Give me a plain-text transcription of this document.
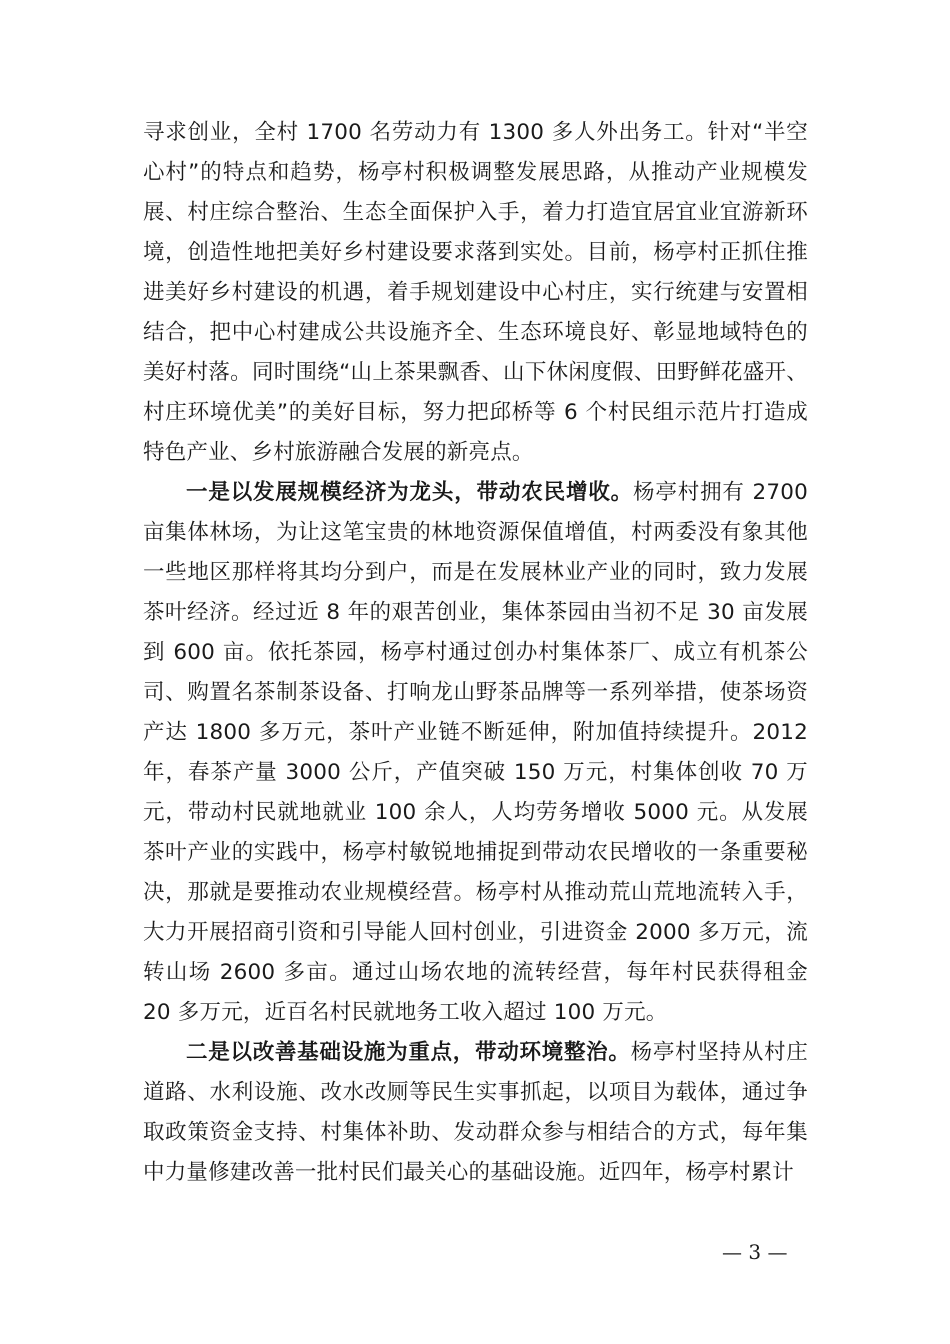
寻求创业，全村 1700 名劳动力有 1300 多人外出务工。针对“半空心村”的特点和趋势，杨亭村积极调整发展思路，从推动产业规模发展、村庄综合整治、生态全面保护入手，着力打造宜居宜业宜游新环境，创造性地把美好乡村建设要求落到实处。目前，杨亭村正抓住推进美好乡村建设的机遇，着手规划建设中心村庄，实行统建与安置相结合，把中心村建成公共设施齐全、生态环境良好、彰显地域特色的美好村落。同时围绕“山上茶果飘香、山下休闲度假、田野鲜花盛开、村庄环境优美”的美好目标，努力把邱桥等 6 个村民组示范片打造成特色产业、乡村旅游融合发展的新亮点。

一是以发展规模经济为龙头，带动农民增收。杨亭村拥有 2700 亩集体林场，为让这笔宝贵的林地资源保值增值，村两委没有象其他一些地区那样将其均分到户，而是在发展林业产业的同时，致力发展茶叶经济。经过近 8 年的艰苦创业，集体茶园由当初不足 30 亩发展到 600 亩。依托茶园，杨亭村通过创办村集体茶厂、成立有机茶公司、购置名茶制茶设备、打响龙山野茶品牌等一系列举措，使茶场资产达 1800 多万元，茶叶产业链不断延伸，附加值持续提升。2012 年，春茶产量 3000 公斤，产值突破 150 万元，村集体创收 70 万元，带动村民就地就业 100 余人，人均劳务增收 5000 元。从发展茶叶产业的实践中，杨亭村敏锐地捕捉到带动农民增收的一条重要秘决，那就是要推动农业规模经营。杨亭村从推动荒山荒地流转入手，大力开展招商引资和引导能人回村创业，引进资金 2000 多万元，流转山场 2600 多亩。通过山场农地的流转经营，每年村民获得租金 20 多万元，近百名村民就地务工收入超过 100 万元。

二是以改善基础设施为重点，带动环境整治。杨亭村坚持从村庄道路、水利设施、改水改厕等民生实事抓起，以项目为载体，通过争取政策资金支持、村集体补助、发动群众参与相结合的方式，每年集中力量修建改善一批村民们最关心的基础设施。近四年，杨亭村累计

— 3 —
